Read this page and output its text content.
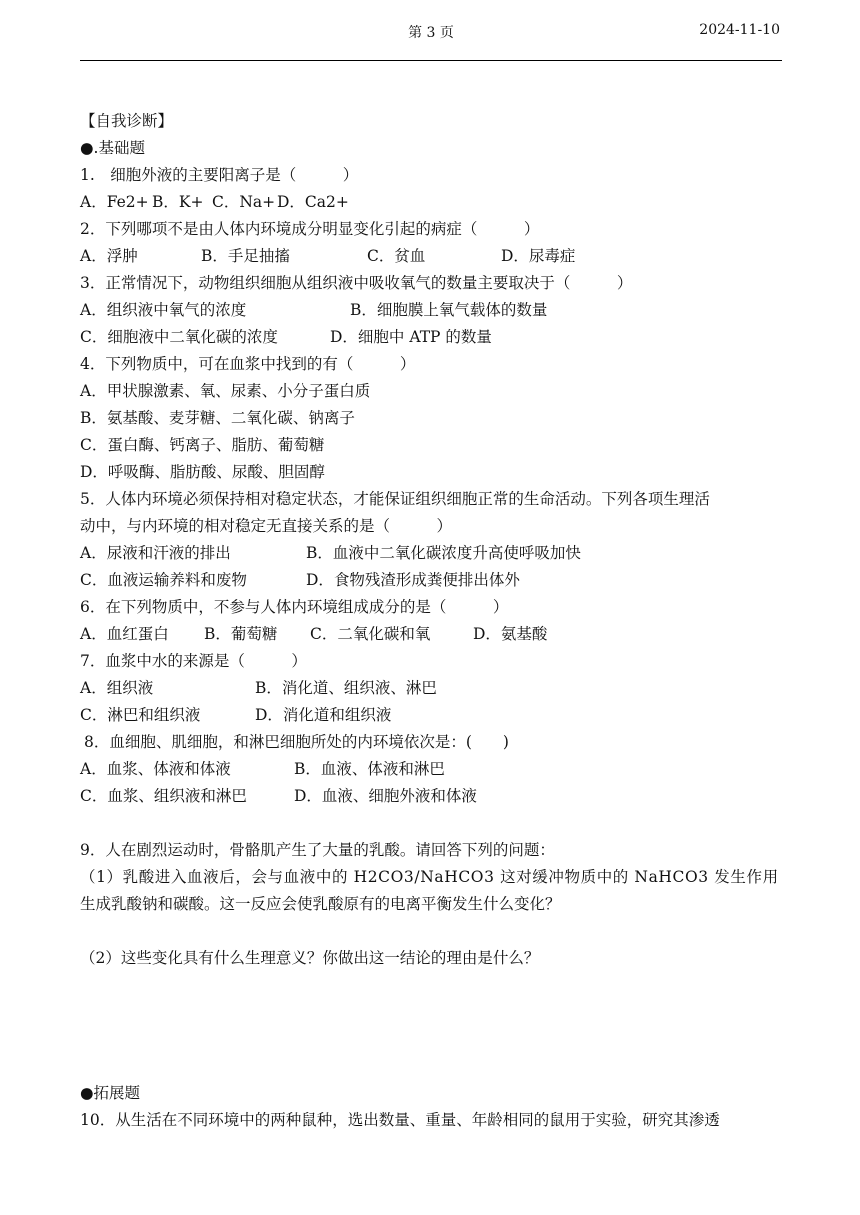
第 3 页	2024-11-10
【自我诊断】
●.基础题
1.　细胞外液的主要阳离子是（　　　）
A．Fe2+ B．K+ C．Na+ D．Ca2+
2．下列哪项不是由人体内环境成分明显变化引起的病症（　　　）
A．浮肿	B．手足抽搐	C．贫血	D．尿毒症
3．正常情况下，动物组织细胞从组织液中吸收氧气的数量主要取决于（　　　）
A．组织液中氧气的浓度	B．细胞膜上氧气载体的数量
C．细胞液中二氧化碳的浓度	D．细胞中 ATP 的数量
4．下列物质中，可在血浆中找到的有（　　　）
A．甲状腺激素、氧、尿素、小分子蛋白质
B．氨基酸、麦芽糖、二氧化碳、钠离子
C．蛋白酶、钙离子、脂肪、葡萄糖
D．呼吸酶、脂肪酸、尿酸、胆固醇
5．人体内环境必须保持相对稳定状态，才能保证组织细胞正常的生命活动。下列各项生理活
动中，与内环境的相对稳定无直接关系的是（　　　）
A．尿液和汗液的排出	B．血液中二氧化碳浓度升高使呼吸加快
C．血液运输养料和废物	D．食物残渣形成粪便排出体外
6．在下列物质中，不参与人体内环境组成成分的是（　　　）
A．血红蛋白 B．葡萄糖 C．二氧化碳和氧	D．氨基酸
7．血浆中水的来源是（　　　）
A．组织液	B．消化道、组织液、淋巴
C．淋巴和组织液	D．消化道和组织液
8．血细胞、肌细胞，和淋巴细胞所处的内环境依次是：(　　)
A．血浆、体液和体液	B．血液、体液和淋巴
C．血浆、组织液和淋巴	D．血液、细胞外液和体液
9．人在剧烈运动时，骨骼肌产生了大量的乳酸。请回答下列的问题：
（1）乳酸进入血液后，会与血液中的 H2CO3/NaHCO3 这对缓冲物质中的 NaHCO3 发生作用
生成乳酸钠和碳酸。这一反应会使乳酸原有的电离平衡发生什么变化？
（2）这些变化具有什么生理意义？你做出这一结论的理由是什么？
●拓展题
10．从生活在不同环境中的两种鼠种，选出数量、重量、年龄相同的鼠用于实验，研究其渗透
